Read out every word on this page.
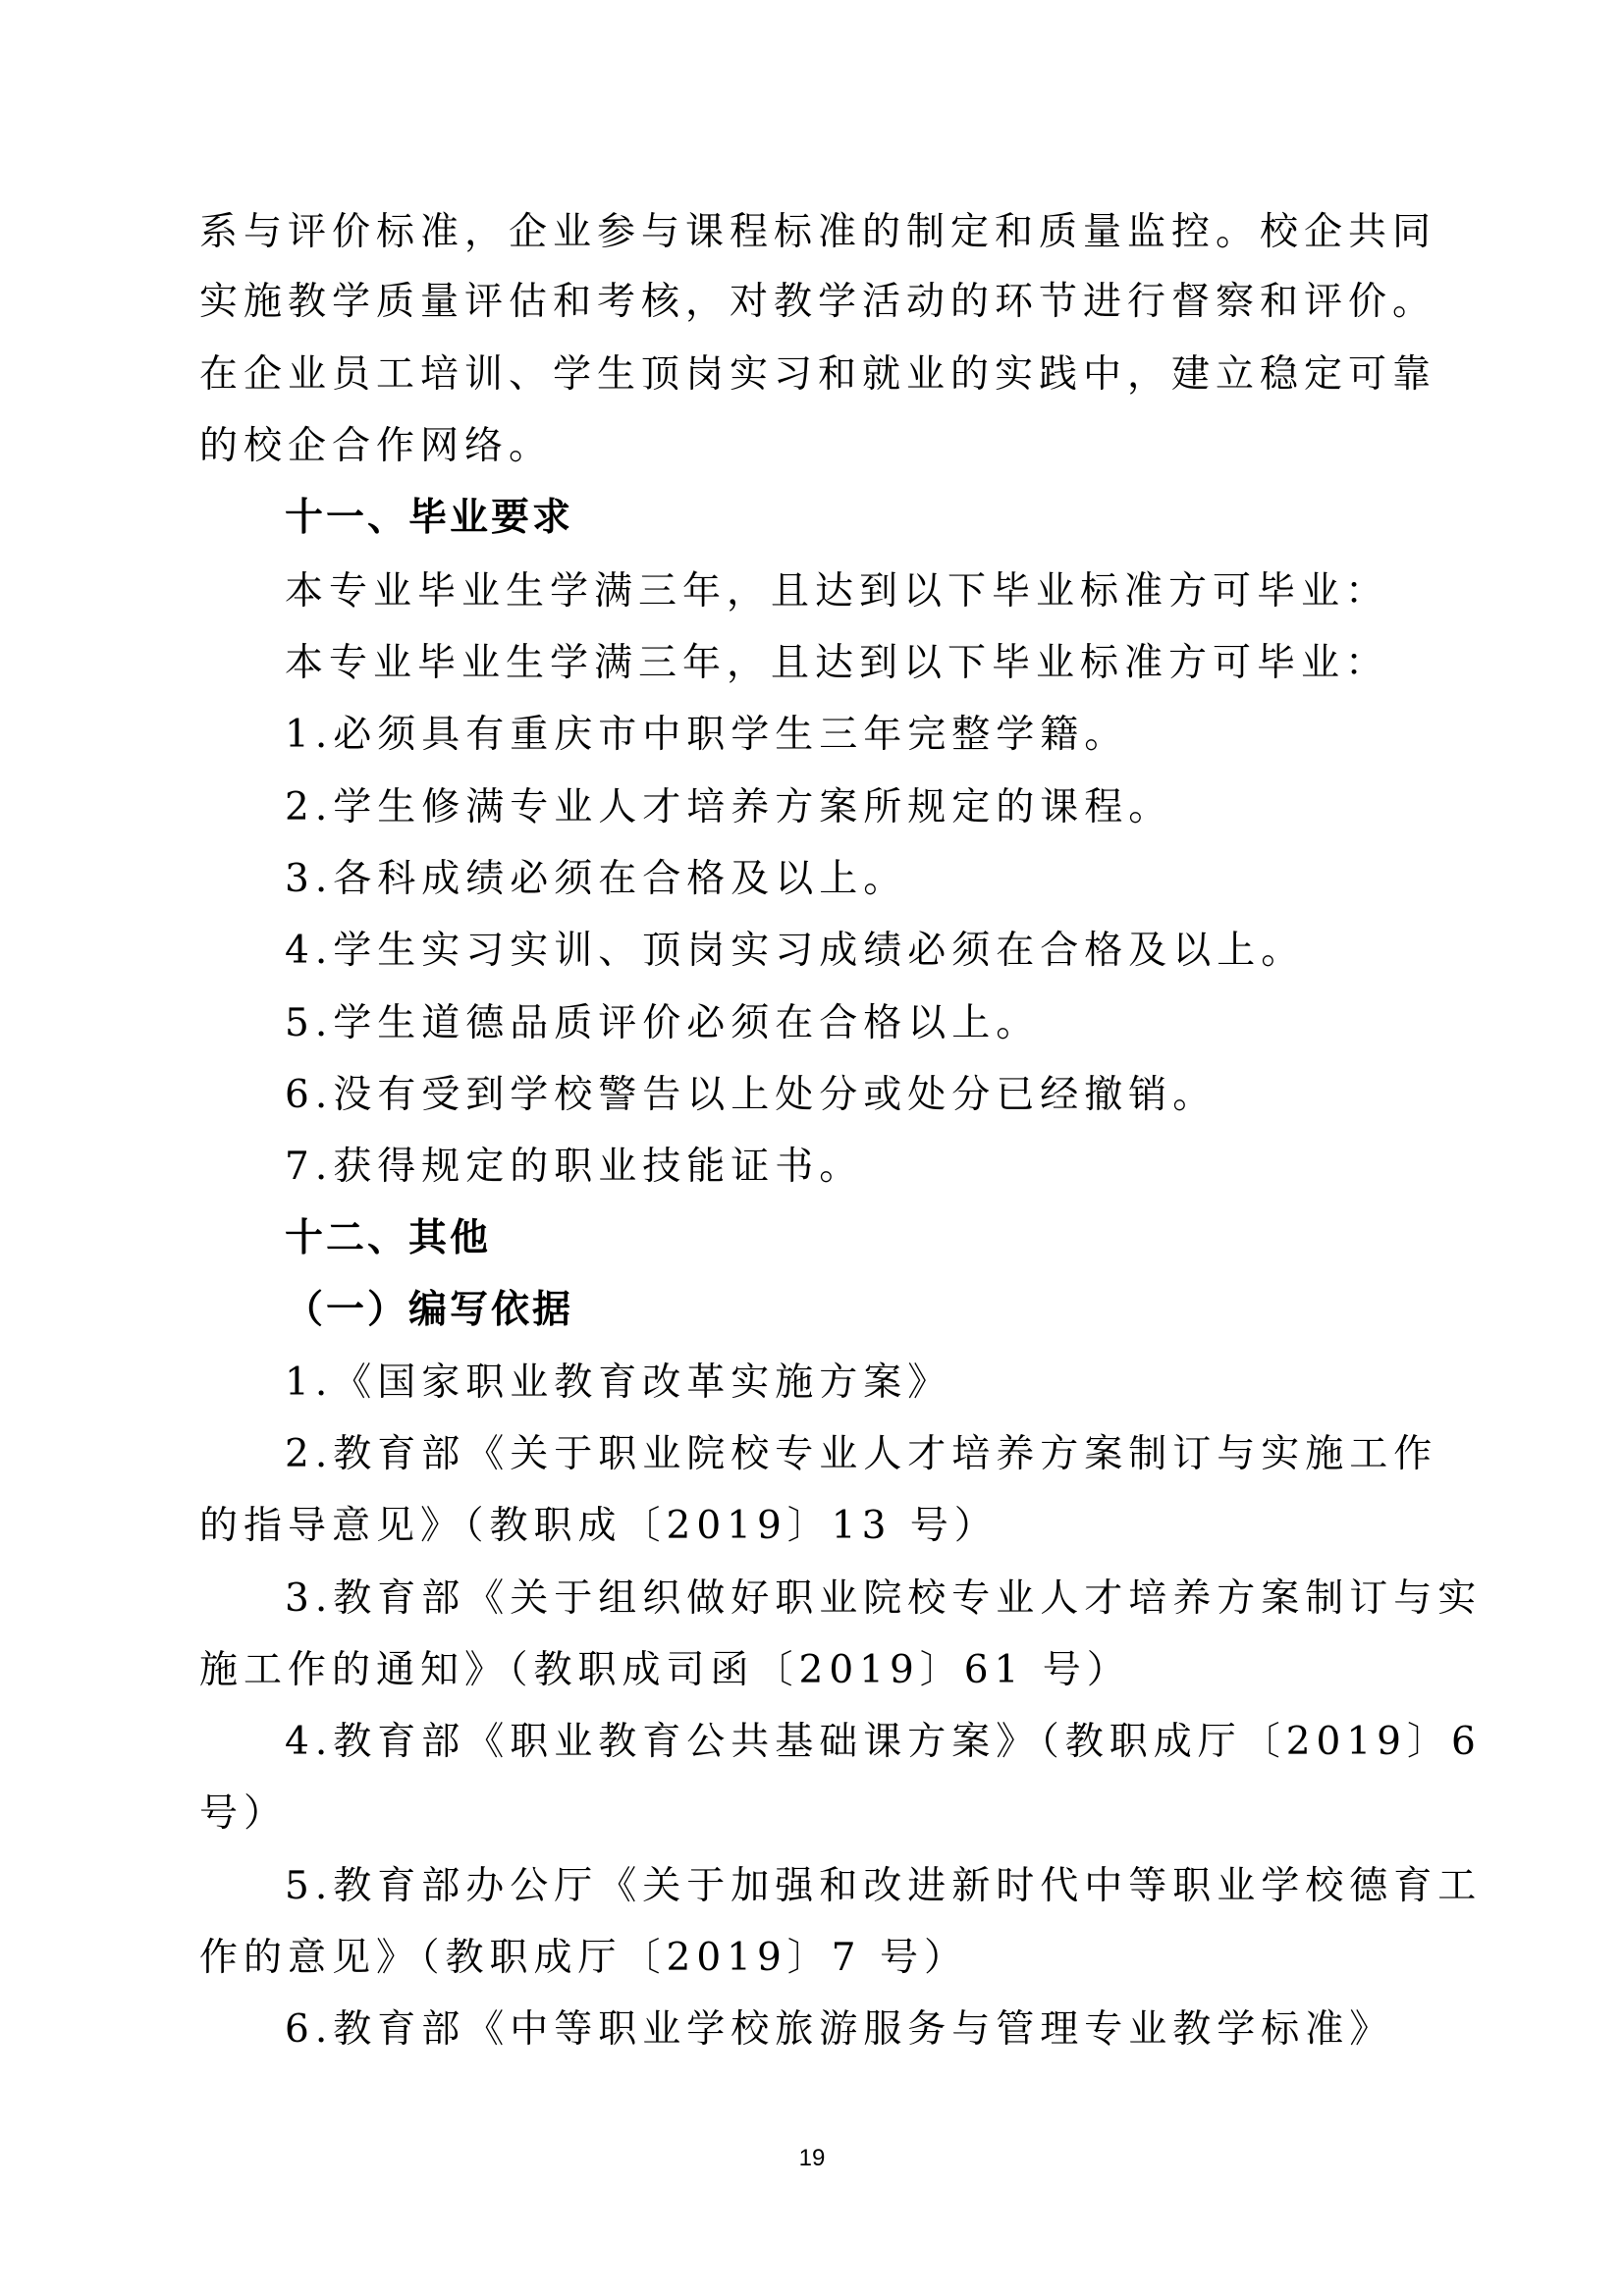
系与评价标准，企业参与课程标准的制定和质量监控。校企共同
实施教学质量评估和考核，对教学活动的环节进行督察和评价。
在企业员工培训、学生顶岗实习和就业的实践中，建立稳定可靠
的校企合作网络。
十一、毕业要求
本专业毕业生学满三年，且达到以下毕业标准方可毕业：
本专业毕业生学满三年，且达到以下毕业标准方可毕业：
1.必须具有重庆市中职学生三年完整学籍。
2.学生修满专业人才培养方案所规定的课程。
3.各科成绩必须在合格及以上。
4.学生实习实训、顶岗实习成绩必须在合格及以上。
5.学生道德品质评价必须在合格以上。
6.没有受到学校警告以上处分或处分已经撤销。
7.获得规定的职业技能证书。
十二、其他
（一）编写依据
1.《国家职业教育改革实施方案》
2.教育部《关于职业院校专业人才培养方案制订与实施工作
的指导意见》（教职成〔2019〕13 号）
3.教育部《关于组织做好职业院校专业人才培养方案制订与实
施工作的通知》（教职成司函〔2019〕61 号）
4.教育部《职业教育公共基础课方案》（教职成厅〔2019〕6
号）
5.教育部办公厅《关于加强和改进新时代中等职业学校德育工
作的意见》（教职成厅〔2019〕7 号）
6.教育部《中等职业学校旅游服务与管理专业教学标准》
19
